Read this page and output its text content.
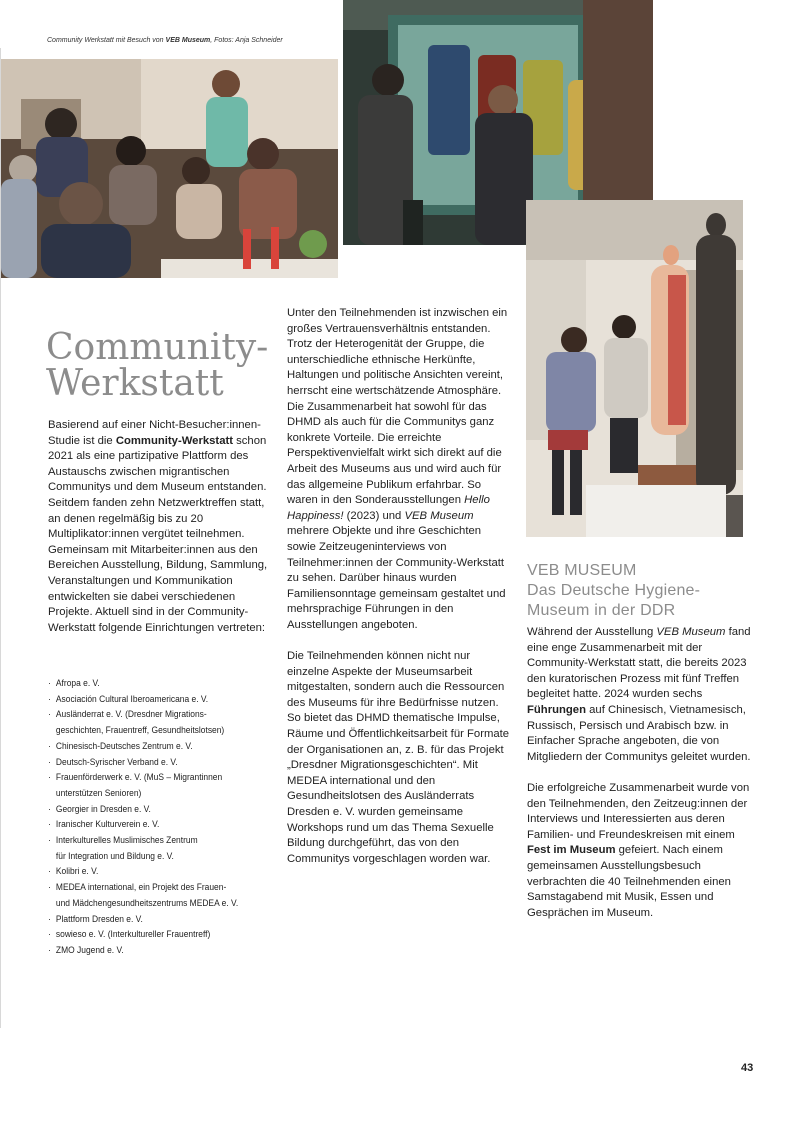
Community Werkstatt mit Besuch von VEB Museum, Fotos: Anja Schneider
Community-
Werkstatt

Basierend auf einer Nicht-Besucher:innen-Studie ist die Community-Werkstatt schon 2021 als eine partizipative Plattform des Austauschs zwischen migrantischen Communitys und dem Museum entstanden. Seitdem fanden zehn Netzwerktreffen statt, an denen regelmäßig bis zu 20 Multiplikator:innen vergütet teilnehmen. Gemeinsam mit Mitarbeiter:innen aus den Bereichen Ausstellung, Bildung, Sammlung, Veranstaltungen und Kommunikation entwickelten sie dabei verschiedenen Projekte. Aktuell sind in der Community-Werkstatt folgende Einrichtungen vertreten:

· Afropa e. V.
· Asociación Cultural Iberoamericana e. V.
· Ausländerrat e. V. (Dresdner Migrations-
geschichten, Frauentreff, Gesundheitslotsen)
· Chinesisch-Deutsches Zentrum e. V.
· Deutsch-Syrischer Verband e. V.
· Frauenförderwerk e. V. (MuS – Migrantinnen
unterstützen Senioren)
· Georgier in Dresden e. V.
· Iranischer Kulturverein e. V.
· Interkulturelles Muslimisches Zentrum
für Integration und Bildung e. V.
· Kolibri e. V.
· MEDEA international, ein Projekt des Frauen-
und Mädchengesundheitszentrums MEDEA e. V.
· Plattform Dresden e. V.
· sowieso e. V. (Interkultureller Frauentreff)
· ZMO Jugend e. V.

Unter den Teilnehmenden ist inzwischen ein großes Vertrauensverhältnis entstanden. Trotz der Heterogenität der Gruppe, die unterschiedliche ethnische Herkünfte, Haltungen und politische Ansichten vereint, herrscht eine wertschätzende Atmosphäre. Die Zusammenarbeit hat sowohl für das DHMD als auch für die Communitys ganz konkrete Vorteile. Die erreichte Perspektivenvielfalt wirkt sich direkt auf die Arbeit des Museums aus und wird auch für das allgemeine Publikum erfahrbar. So waren in den Sonderausstellungen Hello Happiness! (2023) und VEB Museum mehrere Objekte und ihre Geschichten sowie Zeitzeugeninterviews von Teilnehmer:innen der Community-Werkstatt zu sehen. Darüber hinaus wurden Familiensonntage gemeinsam gestaltet und mehrsprachige Führungen in den Ausstellungen angeboten.

Die Teilnehmenden können nicht nur einzelne Aspekte der Museumsarbeit mitgestalten, sondern auch die Ressourcen des Museums für ihre Bedürfnisse nutzen. So bietet das DHMD thematische Impulse, Räume und Öffentlichkeitsarbeit für Formate der Organisationen an, z. B. für das Projekt „Dresdner Migrationsgeschichten“. Mit MEDEA international und den Gesundheitslotsen des Ausländerrats Dresden e. V. wurden gemeinsame Workshops rund um das Thema Sexuelle Bildung durchgeführt, das von den Communitys vorgeschlagen worden war.

VEB MUSEUM
Das Deutsche Hygiene-
Museum in der DDR

Während der Ausstellung VEB Museum fand eine enge Zusammenarbeit mit der Community-Werkstatt statt, die bereits 2023 den kuratorischen Prozess mit fünf Treffen begleitet hatte. 2024 wurden sechs Führungen auf Chinesisch, Vietnamesisch, Russisch, Persisch und Arabisch bzw. in Einfacher Sprache angeboten, die von Mitgliedern der Communitys geleitet wurden.

Die erfolgreiche Zusammenarbeit wurde von den Teilnehmenden, den Zeitzeug:innen der Interviews und Interessierten aus deren Familien- und Freundeskreisen mit einem Fest im Museum gefeiert. Nach einem gemeinsamen Ausstellungsbesuch verbrachten die 40 Teilnehmenden einen Samstagabend mit Musik, Essen und Gesprächen im Museum.

43
